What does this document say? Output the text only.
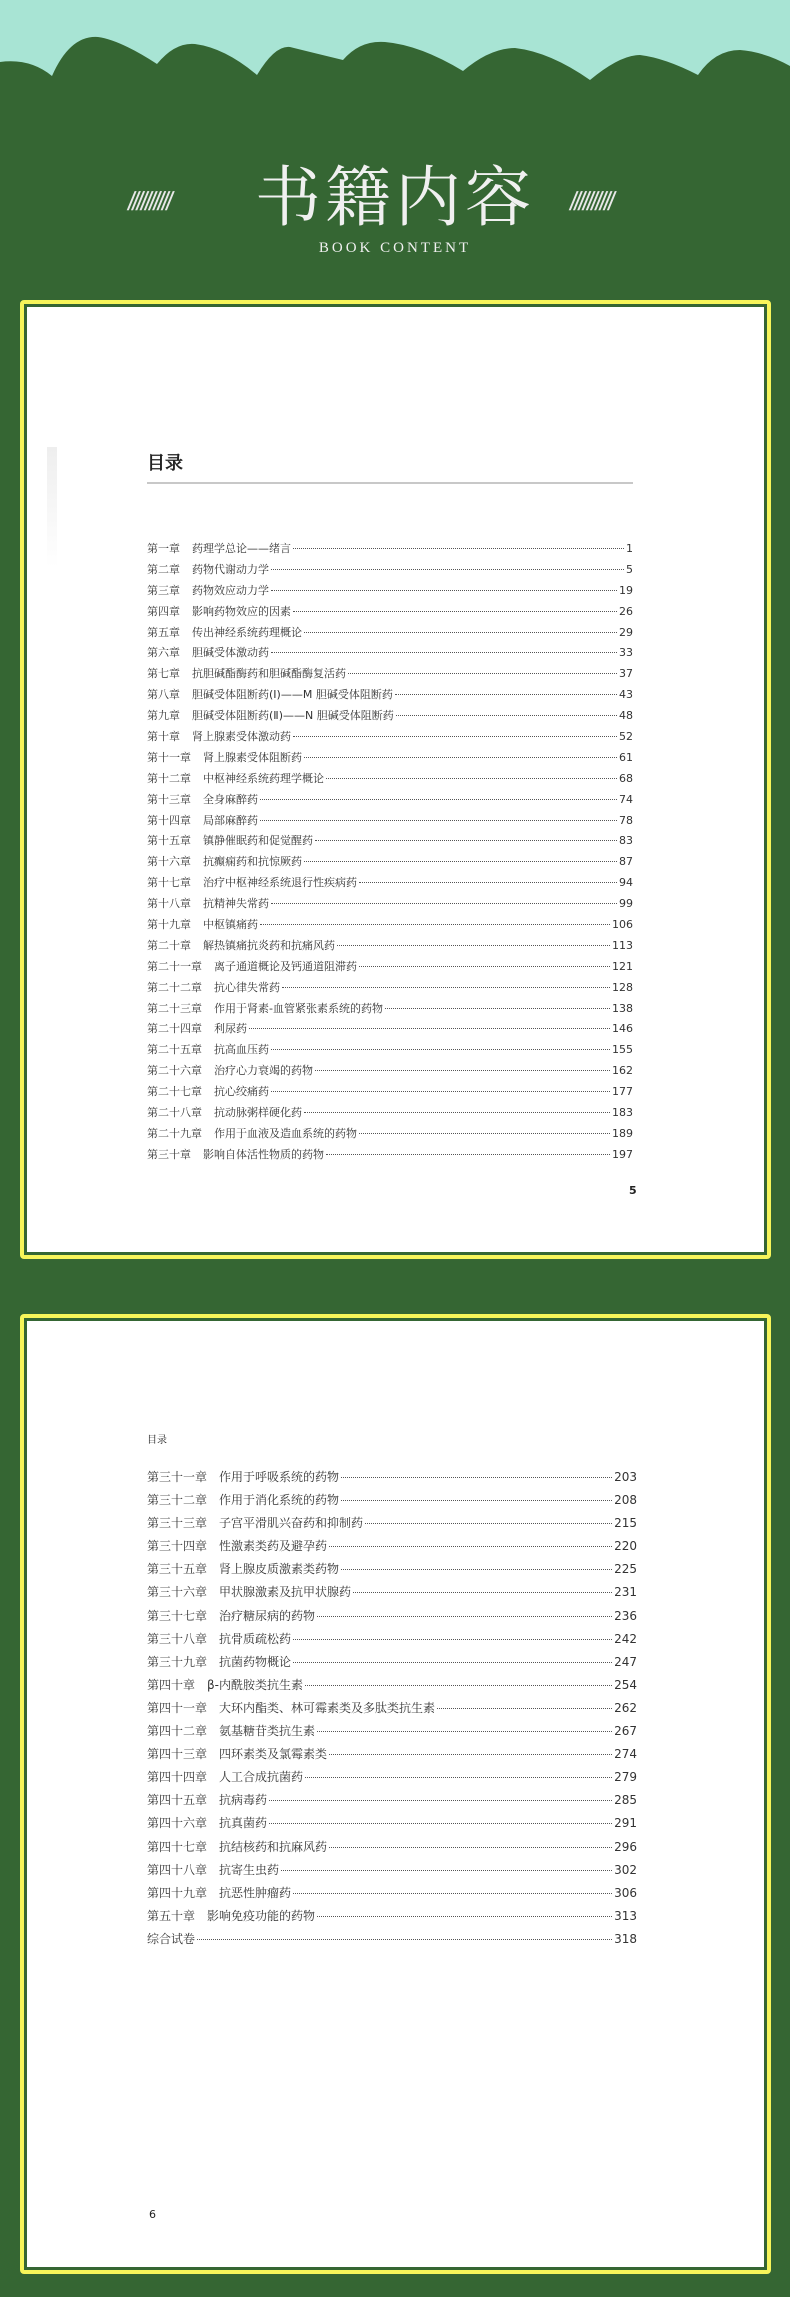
//////////	书籍内容	//////////
BOOK CONTENT
目录
第一章 药理学总论——绪言	1
第二章 药物代谢动力学	5
第三章 药物效应动力学	19
第四章 影响药物效应的因素	26
第五章 传出神经系统药理概论	29
第六章 胆碱受体激动药	33
第七章 抗胆碱酯酶药和胆碱酯酶复活药	37
第八章 胆碱受体阻断药(Ⅰ)——M 胆碱受体阻断药	43
第九章 胆碱受体阻断药(Ⅱ)——N 胆碱受体阻断药	48
第十章 肾上腺素受体激动药	52
第十一章 肾上腺素受体阻断药	61
第十二章 中枢神经系统药理学概论	68
第十三章 全身麻醉药	74
第十四章 局部麻醉药	78
第十五章 镇静催眠药和促觉醒药	83
第十六章 抗癫痫药和抗惊厥药	87
第十七章 治疗中枢神经系统退行性疾病药	94
第十八章 抗精神失常药	99
第十九章 中枢镇痛药	106
第二十章 解热镇痛抗炎药和抗痛风药	113
第二十一章 离子通道概论及钙通道阻滞药	121
第二十二章 抗心律失常药	128
第二十三章 作用于肾素-血管紧张素系统的药物	138
第二十四章 利尿药	146
第二十五章 抗高血压药	155
第二十六章 治疗心力衰竭的药物	162
第二十七章 抗心绞痛药	177
第二十八章 抗动脉粥样硬化药	183
第二十九章 作用于血液及造血系统的药物	189
第三十章 影响自体活性物质的药物	197
5
目录
第三十一章 作用于呼吸系统的药物	203
第三十二章 作用于消化系统的药物	208
第三十三章 子宫平滑肌兴奋药和抑制药	215
第三十四章 性激素类药及避孕药	220
第三十五章 肾上腺皮质激素类药物	225
第三十六章 甲状腺激素及抗甲状腺药	231
第三十七章 治疗糖尿病的药物	236
第三十八章 抗骨质疏松药	242
第三十九章 抗菌药物概论	247
第四十章 β-内酰胺类抗生素	254
第四十一章 大环内酯类、林可霉素类及多肽类抗生素	262
第四十二章 氨基糖苷类抗生素	267
第四十三章 四环素类及氯霉素类	274
第四十四章 人工合成抗菌药	279
第四十五章 抗病毒药	285
第四十六章 抗真菌药	291
第四十七章 抗结核药和抗麻风药	296
第四十八章 抗寄生虫药	302
第四十九章 抗恶性肿瘤药	306
第五十章 影响免疫功能的药物	313
综合试卷	318
6
